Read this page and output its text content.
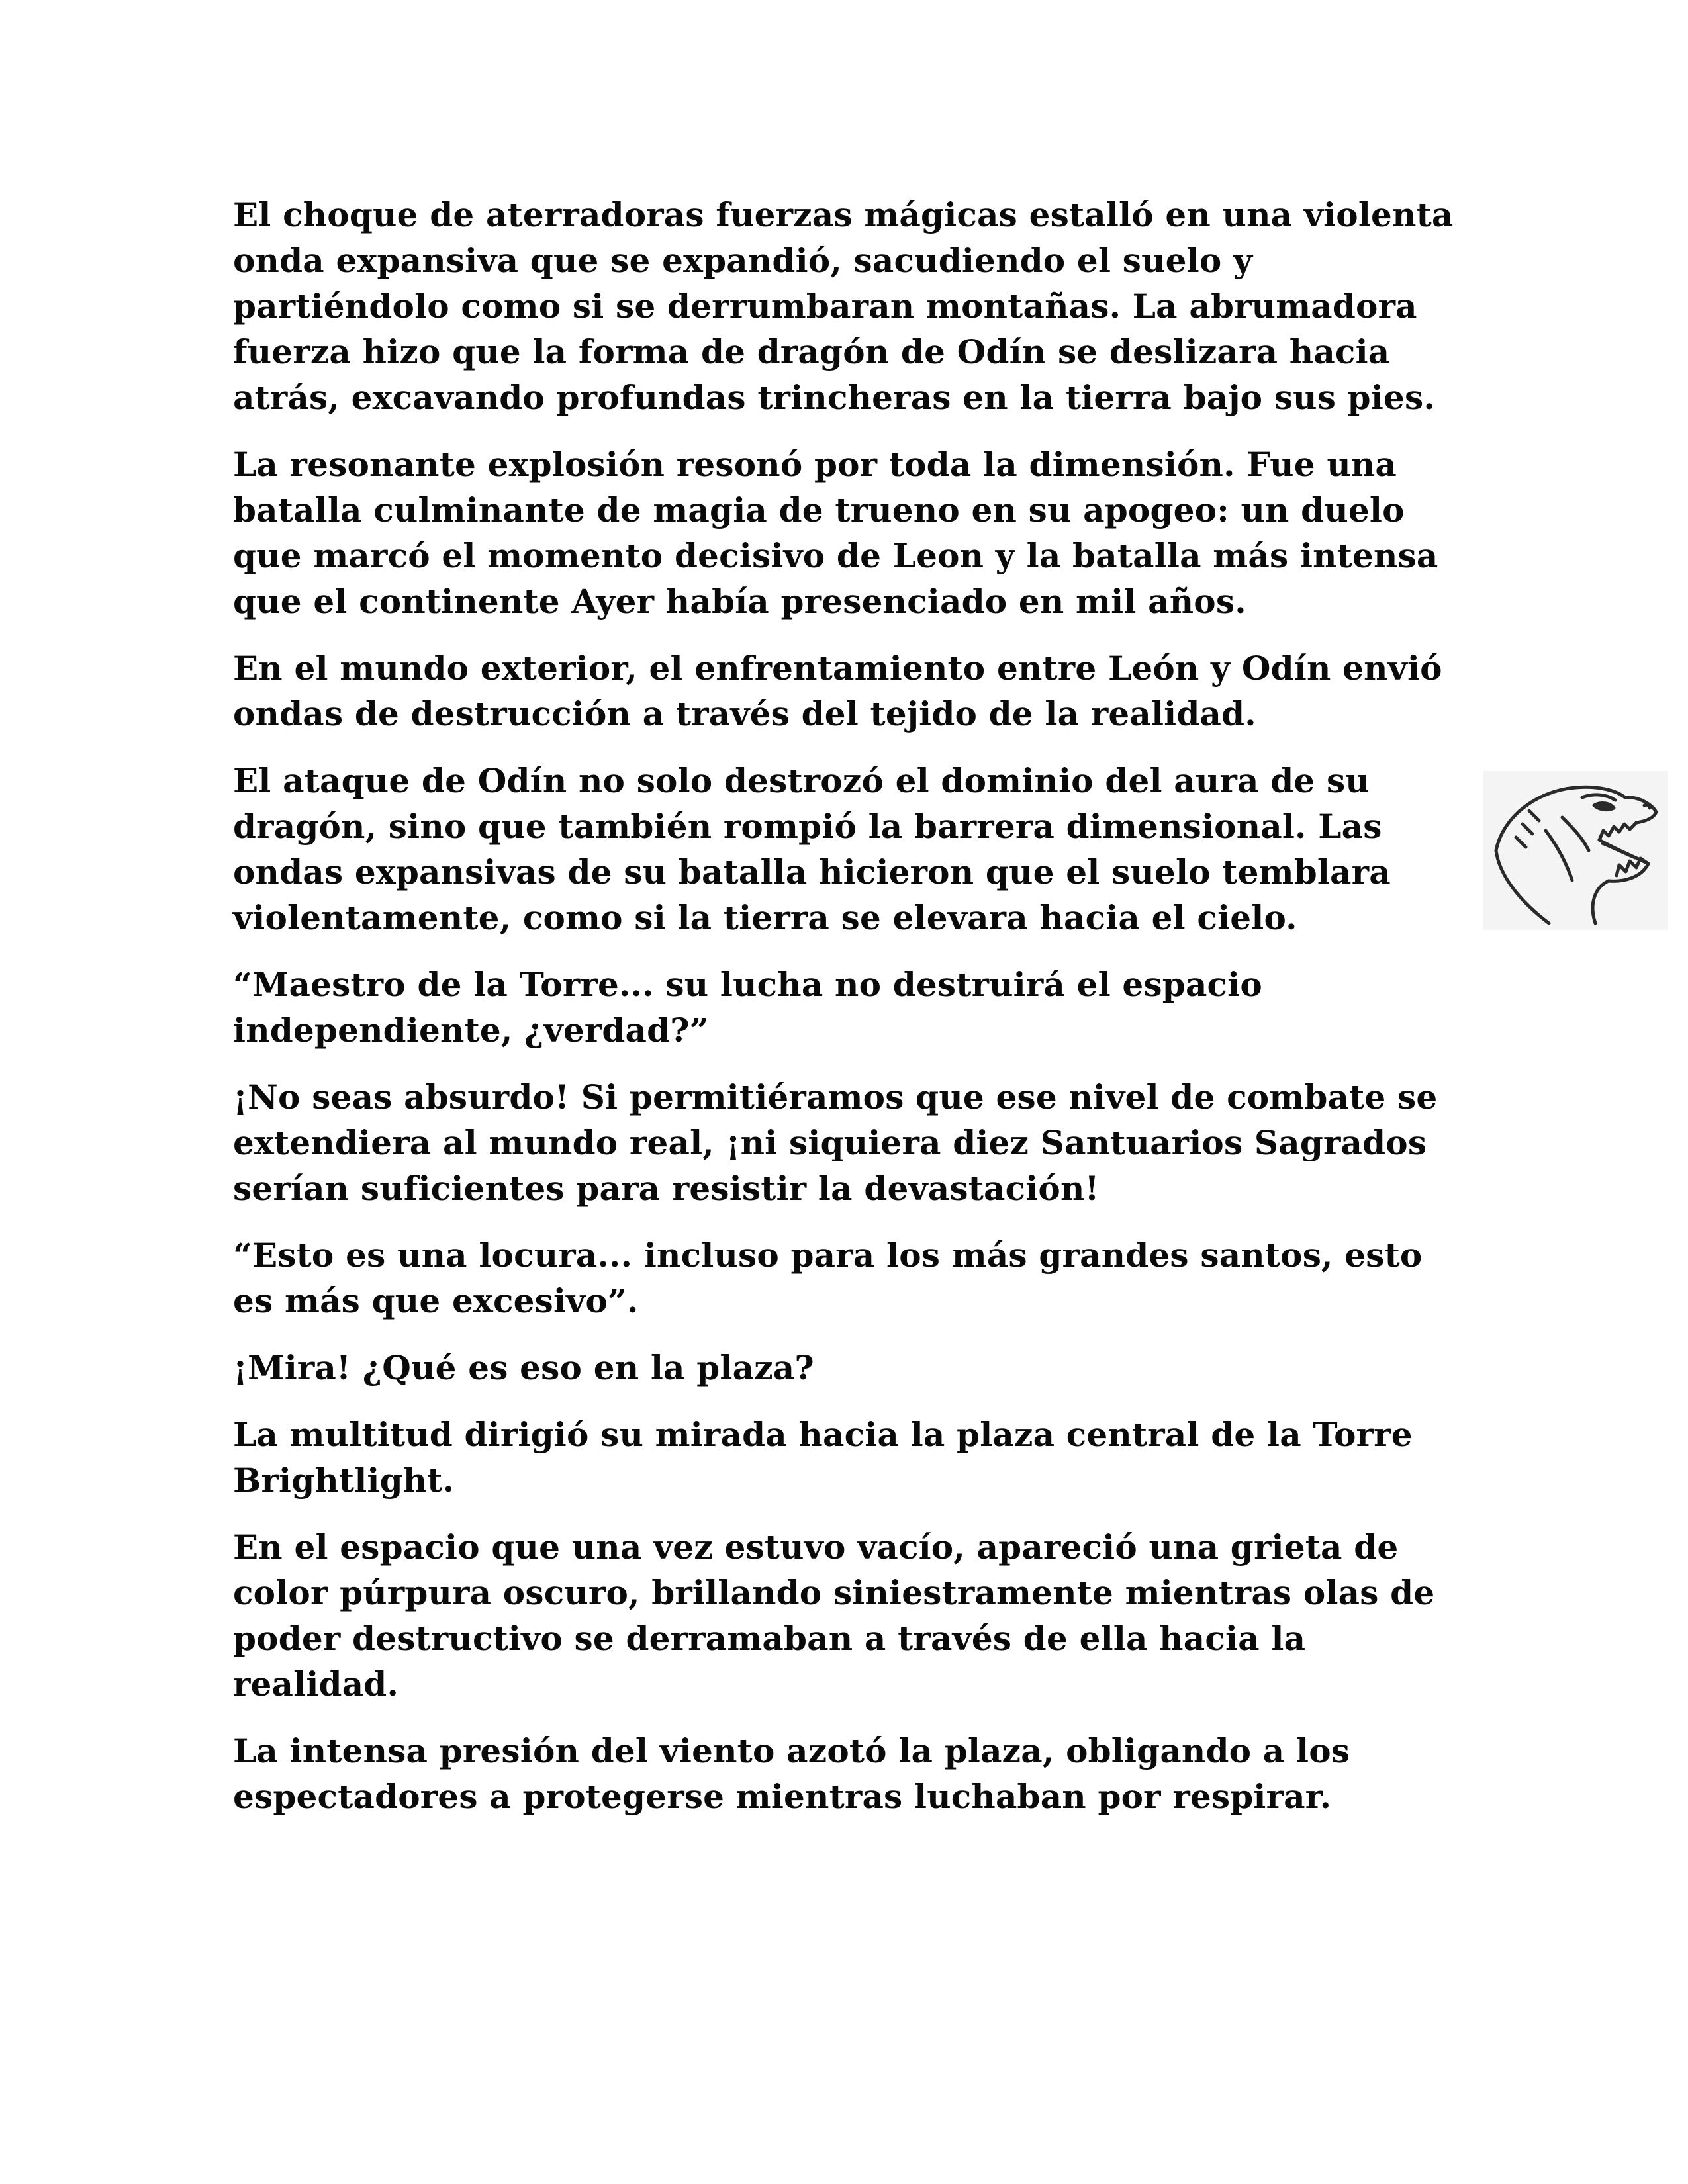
El choque de aterradoras fuerzas mágicas estalló en una violenta onda expansiva que se expandió, sacudiendo el suelo y partiéndolo como si se derrumbaran montañas. La abrumadora fuerza hizo que la forma de dragón de Odín se deslizara hacia atrás, excavando profundas trincheras en la tierra bajo sus pies.

La resonante explosión resonó por toda la dimensión. Fue una batalla culminante de magia de trueno en su apogeo: un duelo que marcó el momento decisivo de Leon y la batalla más intensa que el continente Ayer había presenciado en mil años.

En el mundo exterior, el enfrentamiento entre León y Odín envió ondas de destrucción a través del tejido de la realidad.

El ataque de Odín no solo destrozó el dominio del aura de su dragón, sino que también rompió la barrera dimensional. Las ondas expansivas de su batalla hicieron que el suelo temblara violentamente, como si la tierra se elevara hacia el cielo.

“Maestro de la Torre... su lucha no destruirá el espacio independiente, ¿verdad?”

¡No seas absurdo! Si permitiéramos que ese nivel de combate se extendiera al mundo real, ¡ni siquiera diez Santuarios Sagrados serían suficientes para resistir la devastación!

“Esto es una locura... incluso para los más grandes santos, esto es más que excesivo”.

¡Mira! ¿Qué es eso en la plaza?

La multitud dirigió su mirada hacia la plaza central de la Torre Brightlight.

En el espacio que una vez estuvo vacío, apareció una grieta de color púrpura oscuro, brillando siniestramente mientras olas de poder destructivo se derramaban a través de ella hacia la realidad.

La intensa presión del viento azotó la plaza, obligando a los espectadores a protegerse mientras luchaban por respirar.
